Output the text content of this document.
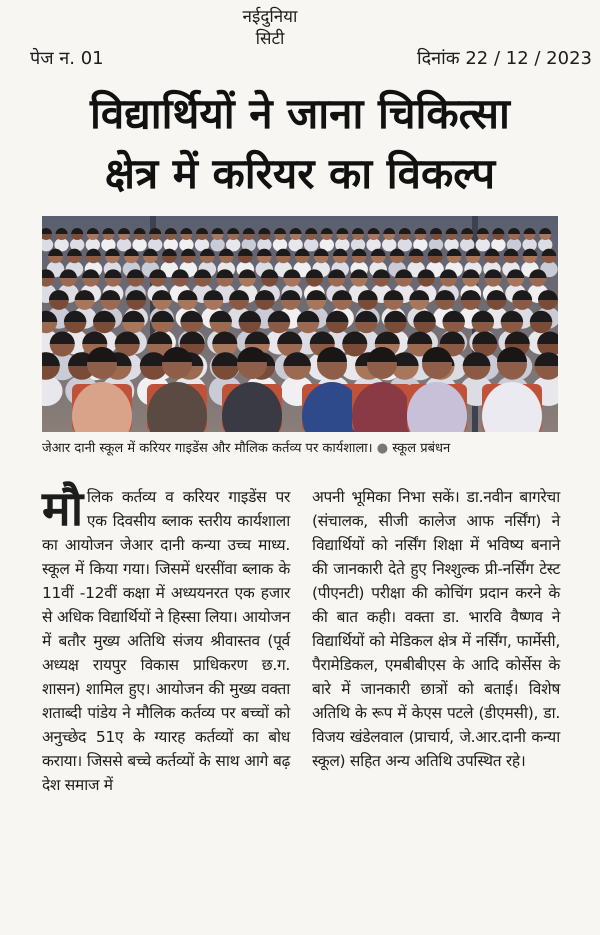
नईदुनिया
सिटी
पेज न. 01	दिनांक 22 / 12 / 2023
विद्यार्थियों ने जाना चिकित्सा
क्षेत्र में करियर का विकल्प
जेआर दानी स्कूल में करियर गाइडेंस और मौलिक कर्तव्य पर कार्यशाला। ● स्कूल प्रबंधन
मौ लिक कर्तव्य व करियर गाइडेंस पर एक दिवसीय ब्लाक स्तरीय कार्यशाला का आयोजन जेआर दानी कन्या उच्च माध्य. स्कूल में किया गया। जिसमें धरसींवा ब्लाक के 11वीं -12वीं कक्षा में अध्ययनरत एक हजार से अधिक विद्यार्थियों ने हिस्सा लिया। आयोजन में बतौर मुख्य अतिथि संजय श्रीवास्तव (पूर्व अध्यक्ष रायपुर विकास प्राधिकरण छ.ग. शासन) शामिल हुए। आयोजन की मुख्य वक्ता शताब्दी पांडेय ने मौलिक कर्तव्य पर बच्चों को अनुच्छेद 51ए के ग्यारह कर्तव्यों का बोध कराया। जिससे बच्चे कर्तव्यों के साथ आगे बढ़ देश समाज में
अपनी भूमिका निभा सकें। डा.नवीन बागरेचा (संचालक, सीजी कालेज आफ नर्सिंग) ने विद्यार्थियों को नर्सिंग शिक्षा में भविष्य बनाने की जानकारी देते हुए निश्शुल्क प्री-नर्सिंग टेस्ट (पीएनटी) परीक्षा की कोचिंग प्रदान करने के की बात कही। वक्ता डा. भारवि वैष्णव ने विद्यार्थियों को मेडिकल क्षेत्र में नर्सिंग, फार्मेसी, पैरामेडिकल, एमबीबीएस के आदि कोर्सेस के बारे में जानकारी छात्रों को बताई। विशेष अतिथि के रूप में केएस पटले (डीएमसी), डा. विजय खंडेलवाल (प्राचार्य, जे.आर.दानी कन्या स्कूल) सहित अन्य अतिथि उपस्थित रहे।
